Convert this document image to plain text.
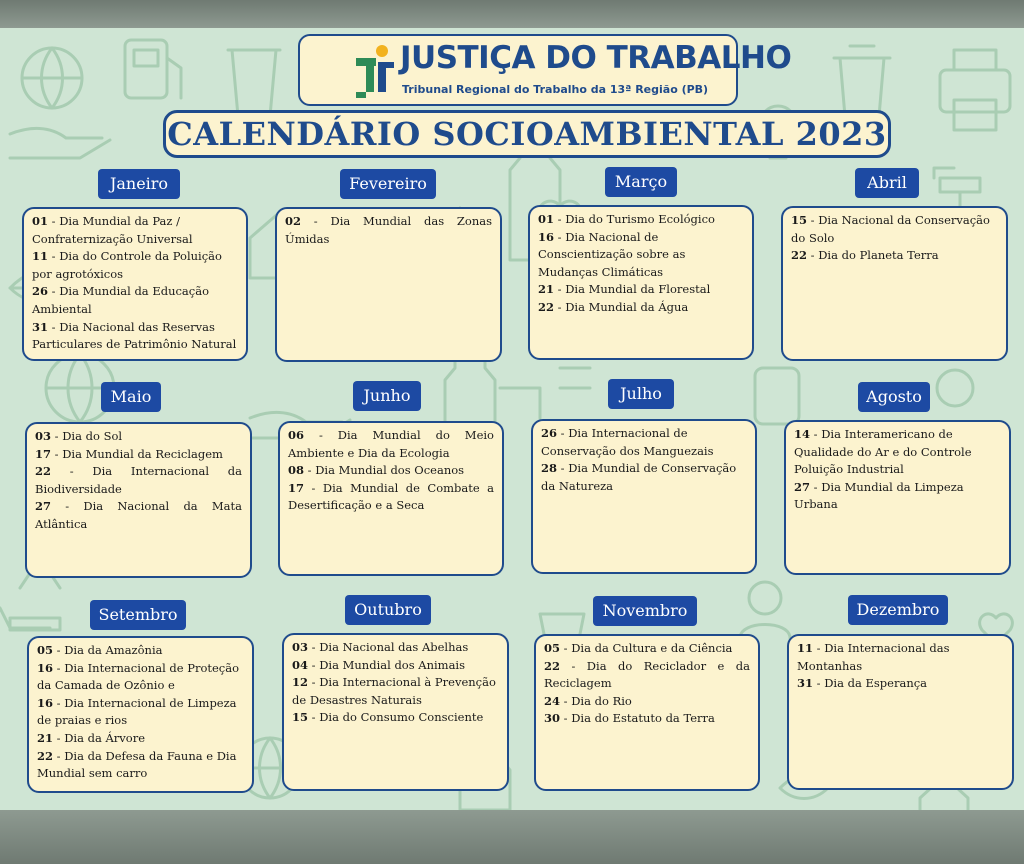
JUSTIÇA DO TRABALHO
Tribunal Regional do Trabalho da 13ª Região (PB)
CALENDÁRIO SOCIOAMBIENTAL 2023
Janeiro

01 - Dia Mundial da Paz / Confraternização Universal

11 - Dia do Controle da Poluição por agrotóxicos

26 - Dia Mundial da Educação Ambiental

31 - Dia Nacional das Reservas Particulares de Patrimônio Natural

Fevereiro

02 - Dia Mundial das Zonas Úmidas

Março

01 - Dia do Turismo Ecológico

16 - Dia Nacional de Conscientização sobre as Mudanças Climáticas

21 - Dia Mundial da Florestal

22 - Dia Mundial da Água

Abril

15 - Dia Nacional da Conservação do Solo

22 - Dia do Planeta Terra

Maio

03 - Dia do Sol

17 - Dia Mundial da Reciclagem

22 - Dia Internacional da Biodiversidade

27 - Dia Nacional da Mata Atlântica

Junho

06 - Dia Mundial do Meio Ambiente e Dia da Ecologia

08 - Dia Mundial dos Oceanos

17 - Dia Mundial de Combate a Desertificação e a Seca

Julho

26 - Dia Internacional de Conservação dos Manguezais

28 - Dia Mundial de Conservação da Natureza

Agosto

14 - Dia Interamericano de Qualidade do Ar e do Controle Poluição Industrial

27 - Dia Mundial da Limpeza Urbana

Setembro

05 - Dia da Amazônia

16 - Dia Internacional de Proteção da Camada de Ozônio e

16 - Dia Internacional de Limpeza de praias e rios

21 - Dia da Árvore

22 - Dia da Defesa da Fauna e Dia Mundial sem carro

Outubro

03 - Dia Nacional das Abelhas

04 - Dia Mundial dos Animais

12 - Dia Internacional à Prevenção de Desastres Naturais

15 - Dia do Consumo Consciente

Novembro

05 - Dia da Cultura e da Ciência

22 - Dia do Reciclador e da Reciclagem

24 - Dia do Rio

30 - Dia do Estatuto da Terra

Dezembro

11 - Dia Internacional das Montanhas

31 - Dia da Esperança
